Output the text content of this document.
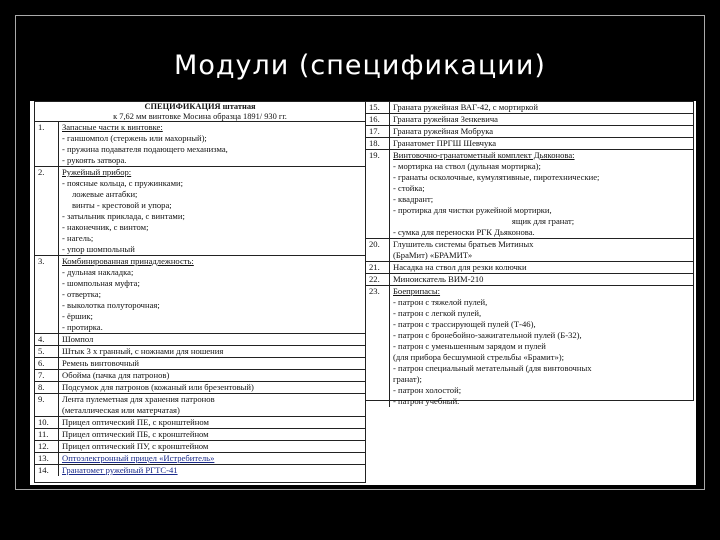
Модули (спецификации)
СПЕЦИФИКАЦИЯ штатная
к 7,62 мм винтовке Мосина образца 1891/ 930 гг.
1.	Запасные части к винтовке:
- ганшомпол (стержень или махорный);
- пружина подавателя подающего механизма,
- рукоять затвора.
2.	Ружейный прибор:
- поясные кольца, с пружинками;
ложевые антабки;
винты - крестовой и упора;
- затыльник приклада, с винтами;
- наконечник, с винтом;
- нагель;
- упор шомпольный
3.	Комбинированная принадлежность:
- дульная накладка;
- шомпольная муфта;
- отвертка;
- выколотка полуторочная;
- ёршик;
- протирка.
4.	Шомпол
5.	Штык 3 х гранный, с ножнами для ношения
6.	Ремень винтовочный
7.	Обойма (пачка для патронов)
8.	Подсумок для патронов (кожаный или брезентовый)
9.	Лента пулеметная для хранения патронов
(металлическая или матерчатая)
10.	Прицел оптический ПЕ, с кронштейном
11.	Прицел оптический ПБ, с кронштейном
12.	Прицел оптический ПУ, с кронштейном
13.	Оптоэлектронный прицел «Истребитель»
14.	Гранатомет ружейный РГТС-41
15.	Граната ружейная ВАГ-42, с мортиркой
16.	Граната ружейная Зенкевича
17.	Граната ружейная Мобрука
18.	Гранатомет ПРГШ Шевчука
19.	Винтовочно-гранатометный комплект Дьяконова:
- мортирка на ствол (дульная мортирка);
- гранаты осколочные, кумулятивные, пиротехнические;
- стойка;
- квадрант;
- протирка для чистки ружейной мортирки,
ящик для гранат;
- сумка для переноски РГК Дьяконова.
20.	Глушитель системы братьев Митиных
(БраМит) «БРАМИТ»
21.	Насадка на ствол для резки колючки
22.	Миноискатель ВИМ-210
23.	Боеприпасы:
- патрон с тяжелой пулей,
- патрон с легкой пулей,
- патрон с трассирующей пулей (Т-46),
- патрон с бронебойно-зажигательной пулей (Б-32),
- патрон с уменьшенным зарядом и пулей
(для прибора бесшумной стрельбы «Брамит»);
- патрон специальный метательный (для винтовочных
гранат);
- патрон холостой;
- патрон учебный.
